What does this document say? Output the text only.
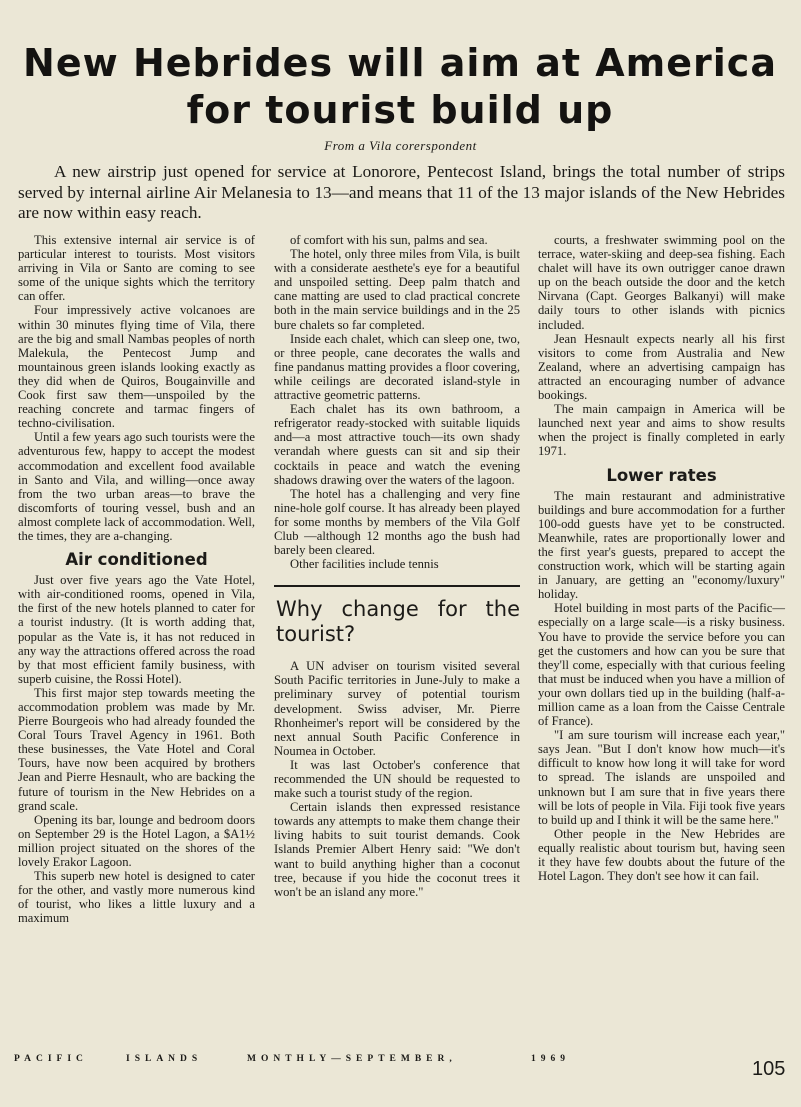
New Hebrides will aim at America
for tourist build up
From a Vila corerspondent
A new airstrip just opened for service at Lonorore, Pentecost Island, brings the total number of strips served by internal airline Air Melanesia to 13—and means that 11 of the 13 major islands of the New Hebrides are now within easy reach.

This extensive internal air service is of particular interest to tourists. Most visitors arriving in Vila or Santo are coming to see some of the unique sights which the territory can offer.

Four impressively active volcanoes are within 30 minutes flying time of Vila, there are the big and small Nambas peoples of north Malekula, the Pentecost Jump and mountainous green islands looking exactly as they did when de Quiros, Bougainville and Cook first saw them—unspoiled by the reaching concrete and tarmac fingers of techno-civilisation.

Until a few years ago such tourists were the adventurous few, happy to accept the modest accommodation and excellent food available in Santo and Vila, and willing—once away from the two urban areas—to brave the discomforts of touring vessel, bush and an almost complete lack of accommodation. Well, the times, they are a-changing.

Air conditioned

Just over five years ago the Vate Hotel, with air-conditioned rooms, opened in Vila, the first of the new hotels planned to cater for a tourist industry. (It is worth adding that, popular as the Vate is, it has not reduced in any way the attractions offered across the road by that most efficient family business, with superb cuisine, the Rossi Hotel).

This first major step towards meeting the accommodation problem was made by Mr. Pierre Bourgeois who had already founded the Coral Tours Travel Agency in 1961. Both these businesses, the Vate Hotel and Coral Tours, have now been acquired by brothers Jean and Pierre Hesnault, who are backing the future of tourism in the New Hebrides on a grand scale.

Opening its bar, lounge and bedroom doors on September 29 is the Hotel Lagon, a $A1½ million project situated on the shores of the lovely Erakor Lagoon.

This superb new hotel is designed to cater for the other, and vastly more numerous kind of tourist, who likes a little luxury and a maximum

of comfort with his sun, palms and sea.

The hotel, only three miles from Vila, is built with a considerate aesthete's eye for a beautiful and unspoiled setting. Deep palm thatch and cane matting are used to clad practical concrete both in the main service buildings and in the 25 bure chalets so far completed.

Inside each chalet, which can sleep one, two, or three people, cane decorates the walls and fine pandanus matting provides a floor covering, while ceilings are decorated island-style in attractive geometric patterns.

Each chalet has its own bathroom, a refrigerator ready-stocked with suitable liquids and—a most attractive touch—its own shady verandah where guests can sit and sip their cocktails in peace and watch the evening shadows drawing over the waters of the lagoon.

The hotel has a challenging and very fine nine-hole golf course. It has already been played for some months by members of the Vila Golf Club —although 12 months ago the bush had barely been cleared.

Other facilities include tennis

Why change for the tourist?

A UN adviser on tourism visited several South Pacific territories in June-July to make a preliminary survey of potential tourism development. Swiss adviser, Mr. Pierre Rhonheimer's report will be considered by the next annual South Pacific Conference in Noumea in October.

It was last October's conference that recommended the UN should be requested to make such a tourist study of the region.

Certain islands then expressed resistance towards any attempts to make them change their living habits to suit tourist demands. Cook Islands Premier Albert Henry said: "We don't want to build anything higher than a coconut tree, because if you hide the coconut trees it won't be an island any more."

courts, a freshwater swimming pool on the terrace, water-skiing and deep-sea fishing. Each chalet will have its own outrigger canoe drawn up on the beach outside the door and the ketch Nirvana (Capt. Georges Balkanyi) will make daily tours to other islands with picnics included.

Jean Hesnault expects nearly all his first visitors to come from Australia and New Zealand, where an advertising campaign has attracted an encouraging number of advance bookings.

The main campaign in America will be launched next year and aims to show results when the project is finally completed in early 1971.

Lower rates

The main restaurant and administrative buildings and bure accommodation for a further 100-odd guests have yet to be constructed. Meanwhile, rates are proportionally lower and the first year's guests, prepared to accept the construction work, which will be starting again in January, are getting an "economy/luxury" holiday.

Hotel building in most parts of the Pacific—especially on a large scale—is a risky business. You have to provide the service before you can get the customers and how can you be sure that they'll come, especially with that curious feeling that must be induced when you have a million of your own dollars tied up in the building (half-a-million came as a loan from the Caisse Centrale of France).

"I am sure tourism will increase each year," says Jean. "But I don't know how much—it's difficult to know how long it will take for word to spread. The islands are unspoiled and unknown but I am sure that in five years there will be lots of people in Vila. Fiji took five years to build up and I think it will be the same here."

Other people in the New Hebrides are equally realistic about tourism but, having seen it they have few doubts about the future of the Hotel Lagon. They don't see how it can fail.

PACIFIC	ISLANDS	MONTHLY—SEPTEMBER,	1969	105
